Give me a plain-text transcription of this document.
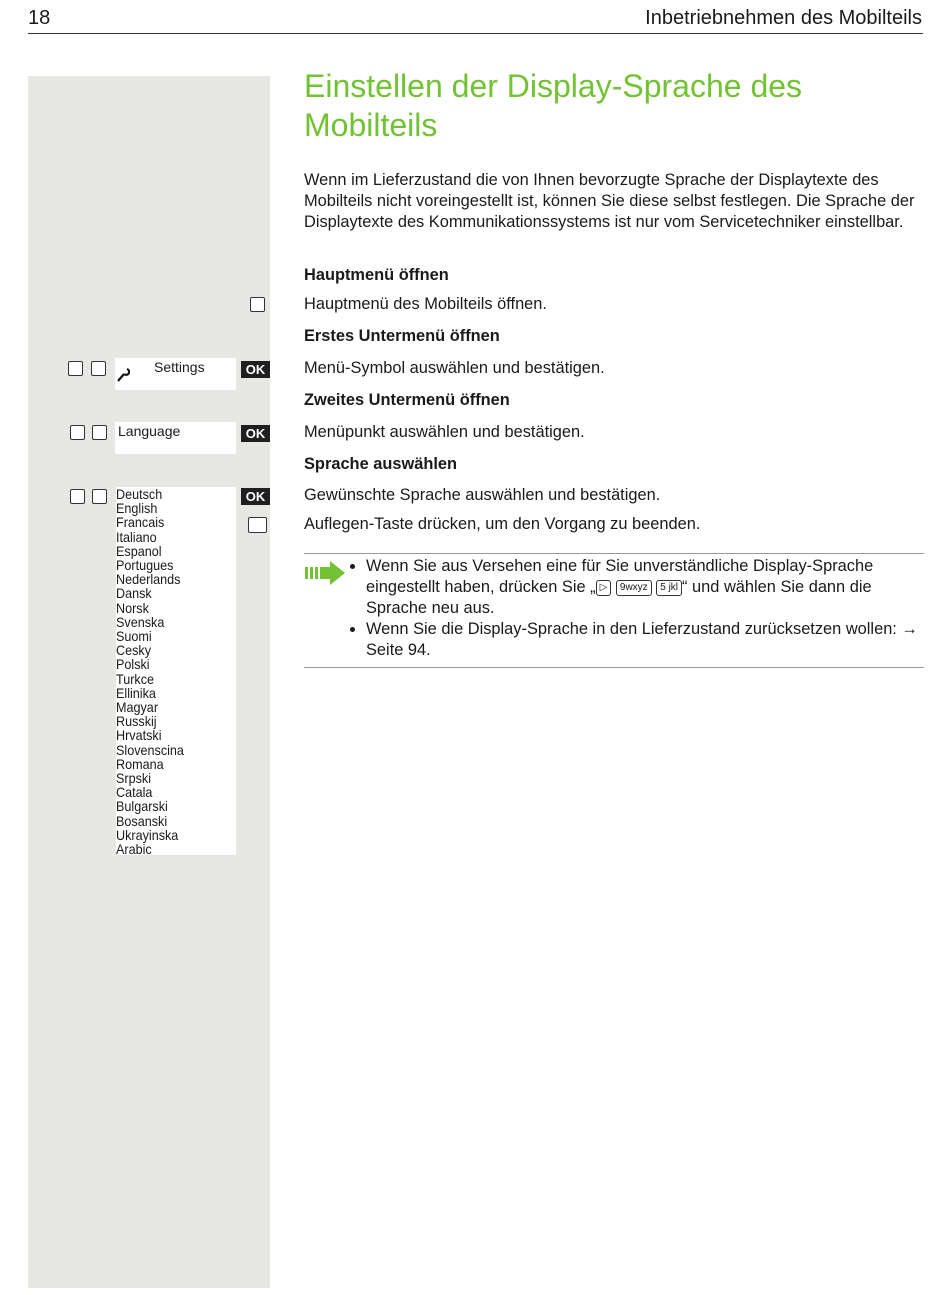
18	Inbetriebnehmen des Mobilteils
Einstellen der Display-Sprache des Mobilteils
Wenn im Lieferzustand die von Ihnen bevorzugte Sprache der Displaytexte des Mobilteils nicht voreingestellt ist, können Sie diese selbst festlegen. Die Sprache der Displaytexte des Kommunikationssystems ist nur vom Servicetechniker einstellbar.
Hauptmenü öffnen
Hauptmenü des Mobilteils öffnen.
Erstes Untermenü öffnen
Settings	OK Menü-Symbol auswählen und bestätigen.
Zweites Untermenü öffnen
Language	OK Menüpunkt auswählen und bestätigen.
Sprache auswählen
Deutsch
English
Francais
Italiano
Espanol
Portugues
Nederlands
Dansk
Norsk
Svenska
Suomi
Cesky
Polski
Turkce
Ellinika
Magyar
Russkij
Hrvatski
Slovenscina
Romana
Srpski
Catala
Bulgarski
Bosanski
Ukrayinska
Arabic
OK Gewünschte Sprache auswählen und bestätigen.
Auflegen-Taste drücken, um den Vorgang zu beenden.
• Wenn Sie aus Versehen eine für Sie unverständliche Display-Sprache eingestellt haben, drücken Sie „ ▷ 9wxyz 5 jkl “ und wählen Sie dann die Sprache neu aus.
• Wenn Sie die Display-Sprache in den Lieferzustand zurücksetzen wollen: → Seite 94.
